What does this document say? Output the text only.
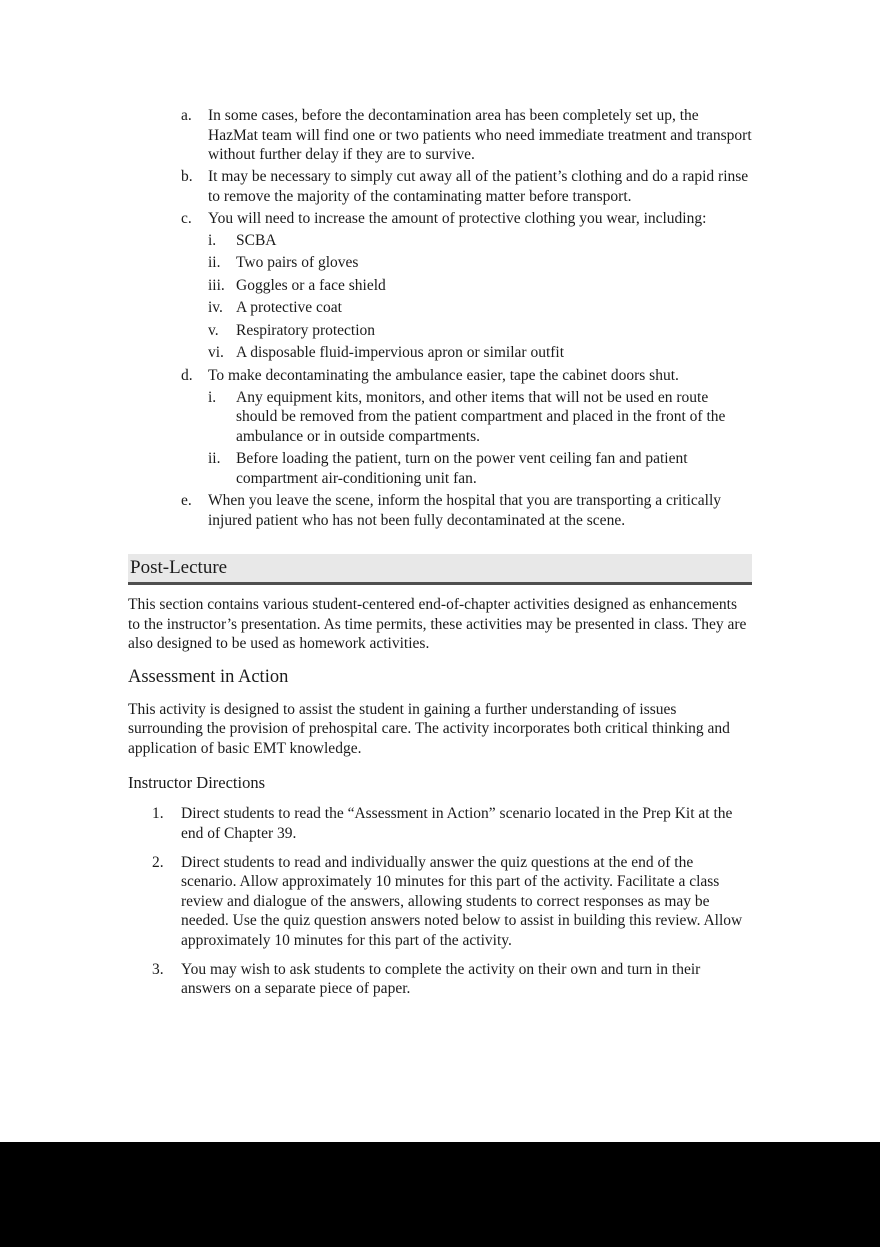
a.	In some cases, before the decontamination area has been completely set up, the HazMat team will find one or two patients who need immediate treatment and transport without further delay if they are to survive.
b. It may be necessary to simply cut away all of the patient’s clothing and do a rapid rinse to remove the majority of the contaminating matter before transport.
c.	You will need to increase the amount of protective clothing you wear, including:
i.	SCBA
ii.	Two pairs of gloves
iii. Goggles or a face shield
iv. A protective coat
v.	Respiratory protection
vi. A disposable fluid-impervious apron or similar outfit
d. To make decontaminating the ambulance easier, tape the cabinet doors shut.
i.	Any equipment kits, monitors, and other items that will not be used en route should be removed from the patient compartment and placed in the front of the ambulance or in outside compartments.
ii.	Before loading the patient, turn on the power vent ceiling fan and patient compartment air-conditioning unit fan.
e.	When you leave the scene, inform the hospital that you are transporting a critically injured patient who has not been fully decontaminated at the scene.
Post-Lecture

This section contains various student-centered end-of-chapter activities designed as enhancements to the instructor’s presentation. As time permits, these activities may be presented in class. They are also designed to be used as homework activities.

Assessment in Action

This activity is designed to assist the student in gaining a further understanding of issues surrounding the provision of prehospital care. The activity incorporates both critical thinking and application of basic EMT knowledge.

Instructor Directions
1.	Direct students to read the “Assessment in Action” scenario located in the Prep Kit at the end of Chapter 39.
2.	Direct students to read and individually answer the quiz questions at the end of the scenario. Allow approximately 10 minutes for this part of the activity. Facilitate a class review and dialogue of the answers, allowing students to correct responses as may be needed. Use the quiz question answers noted below to assist in building this review. Allow approximately 10 minutes for this part of the activity.
3.	You may wish to ask students to complete the activity on their own and turn in their answers on a separate piece of paper.
